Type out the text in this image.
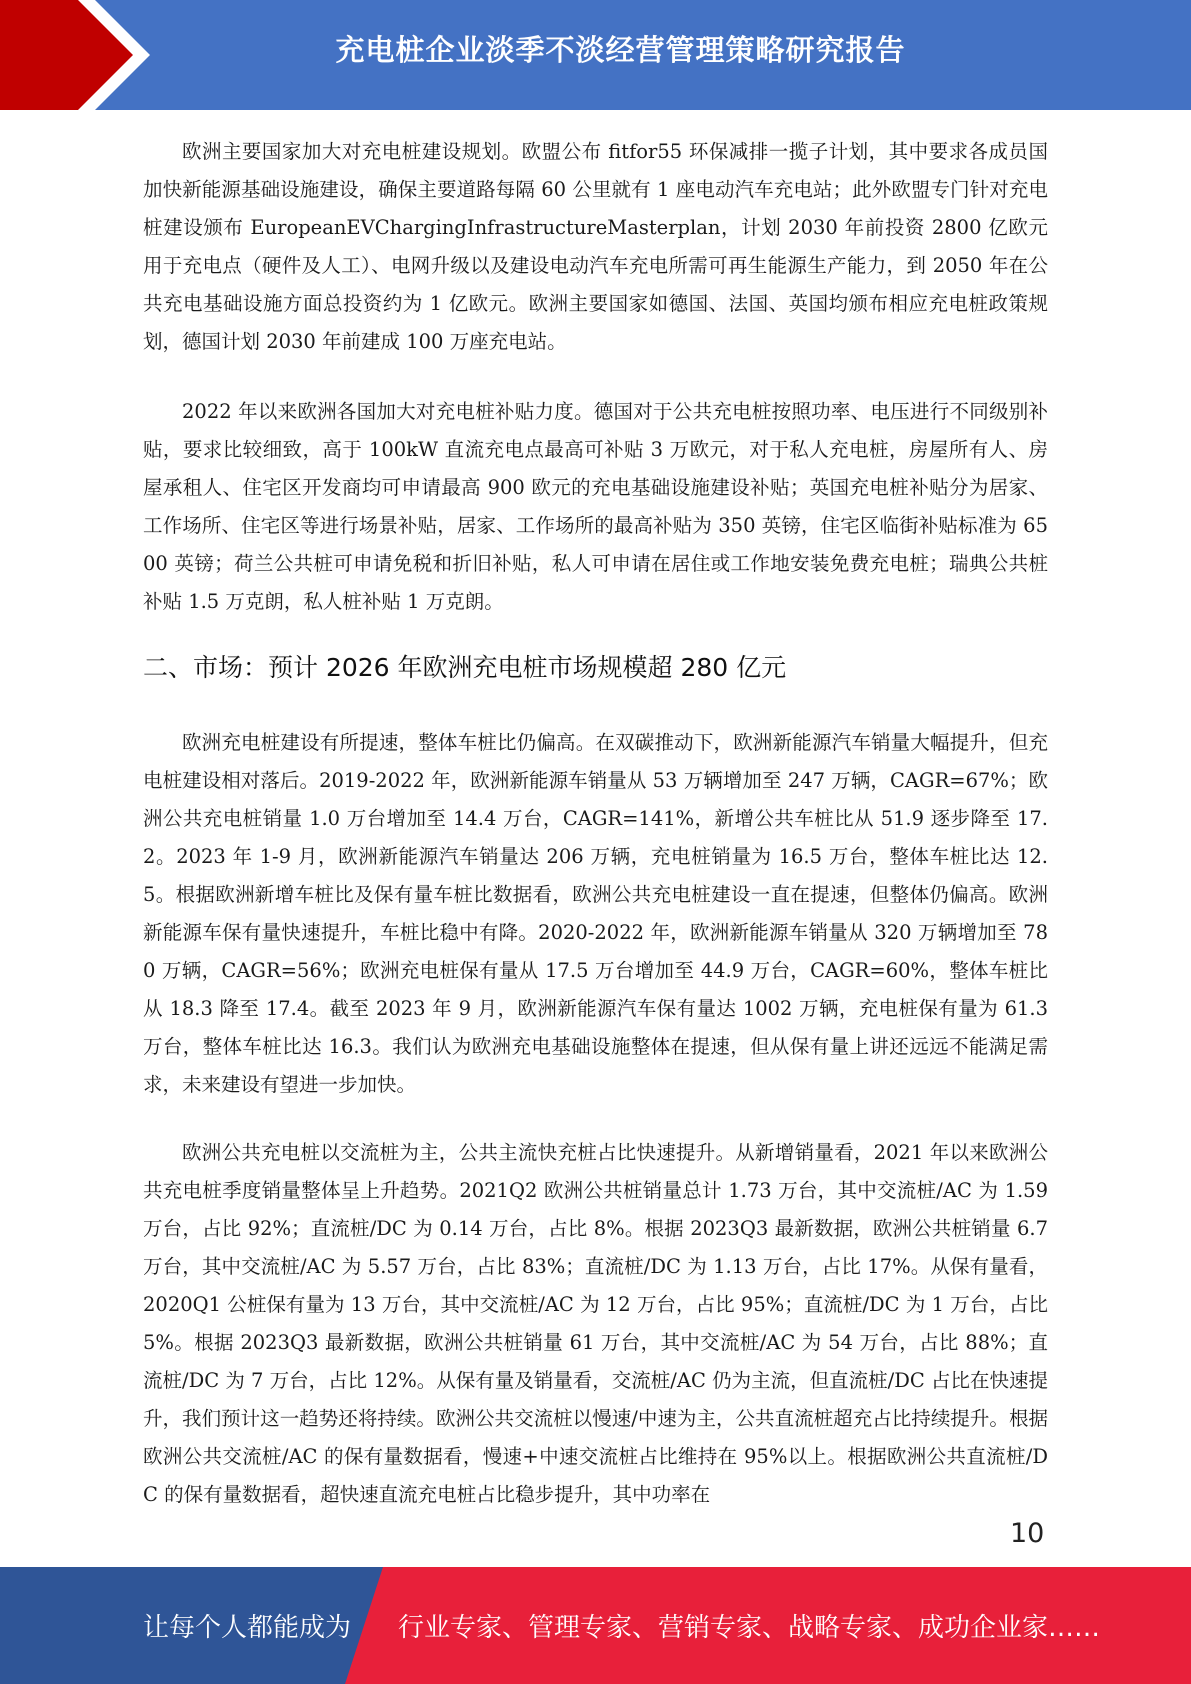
充电桩企业淡季不淡经营管理策略研究报告

欧洲主要国家加大对充电桩建设规划。欧盟公布 fitfor55 环保减排一揽子计划，其中要求各成员国加快新能源基础设施建设，确保主要道路每隔 60 公里就有 1 座电动汽车充电站；此外欧盟专门针对充电桩建设颁布 EuropeanEVChargingInfrastructureMasterplan，计划 2030 年前投资 2800 亿欧元用于充电点（硬件及人工）、电网升级以及建设电动汽车充电所需可再生能源生产能力，到 2050 年在公共充电基础设施方面总投资约为 1 亿欧元。欧洲主要国家如德国、法国、英国均颁布相应充电桩政策规划，德国计划 2030 年前建成 100 万座充电站。

2022 年以来欧洲各国加大对充电桩补贴力度。德国对于公共充电桩按照功率、电压进行不同级别补贴，要求比较细致，高于 100kW 直流充电点最高可补贴 3 万欧元，对于私人充电桩，房屋所有人、房屋承租人、住宅区开发商均可申请最高 900 欧元的充电基础设施建设补贴；英国充电桩补贴分为居家、工作场所、住宅区等进行场景补贴，居家、工作场所的最高补贴为 350 英镑，住宅区临街补贴标准为 6500 英镑；荷兰公共桩可申请免税和折旧补贴，私人可申请在居住或工作地安装免费充电桩；瑞典公共桩补贴 1.5 万克朗，私人桩补贴 1 万克朗。

二、市场：预计 2026 年欧洲充电桩市场规模超 280 亿元

欧洲充电桩建设有所提速，整体车桩比仍偏高。在双碳推动下，欧洲新能源汽车销量大幅提升，但充电桩建设相对落后。2019-2022 年，欧洲新能源车销量从 53 万辆增加至 247 万辆，CAGR=67%；欧洲公共充电桩销量 1.0 万台增加至 14.4 万台，CAGR=141%，新增公共车桩比从 51.9 逐步降至 17.2。2023 年 1-9 月，欧洲新能源汽车销量达 206 万辆，充电桩销量为 16.5 万台，整体车桩比达 12.5。根据欧洲新增车桩比及保有量车桩比数据看，欧洲公共充电桩建设一直在提速，但整体仍偏高。欧洲新能源车保有量快速提升，车桩比稳中有降。2020-2022 年，欧洲新能源车销量从 320 万辆增加至 780 万辆，CAGR=56%；欧洲充电桩保有量从 17.5 万台增加至 44.9 万台，CAGR=60%，整体车桩比从 18.3 降至 17.4。截至 2023 年 9 月，欧洲新能源汽车保有量达 1002 万辆，充电桩保有量为 61.3 万台，整体车桩比达 16.3。我们认为欧洲充电基础设施整体在提速，但从保有量上讲还远远不能满足需求，未来建设有望进一步加快。

欧洲公共充电桩以交流桩为主，公共主流快充桩占比快速提升。从新增销量看，2021 年以来欧洲公共充电桩季度销量整体呈上升趋势。2021Q2 欧洲公共桩销量总计 1.73 万台，其中交流桩/AC 为 1.59 万台，占比 92%；直流桩/DC 为 0.14 万台，占比 8%。根据 2023Q3 最新数据，欧洲公共桩销量 6.7 万台，其中交流桩/AC 为 5.57 万台，占比 83%；直流桩/DC 为 1.13 万台，占比 17%。从保有量看，2020Q1 公桩保有量为 13 万台，其中交流桩/AC 为 12 万台，占比 95%；直流桩/DC 为 1 万台，占比 5%。根据 2023Q3 最新数据，欧洲公共桩销量 61 万台，其中交流桩/AC 为 54 万台，占比 88%；直流桩/DC 为 7 万台，占比 12%。从保有量及销量看，交流桩/AC 仍为主流，但直流桩/DC 占比在快速提升，我们预计这一趋势还将持续。欧洲公共交流桩以慢速/中速为主，公共直流桩超充占比持续提升。根据欧洲公共交流桩/AC 的保有量数据看，慢速+中速交流桩占比维持在 95%以上。根据欧洲公共直流桩/DC 的保有量数据看，超快速直流充电桩占比稳步提升，其中功率在

10
让每个人都能成为 行业专家、管理专家、营销专家、战略专家、成功企业家……
